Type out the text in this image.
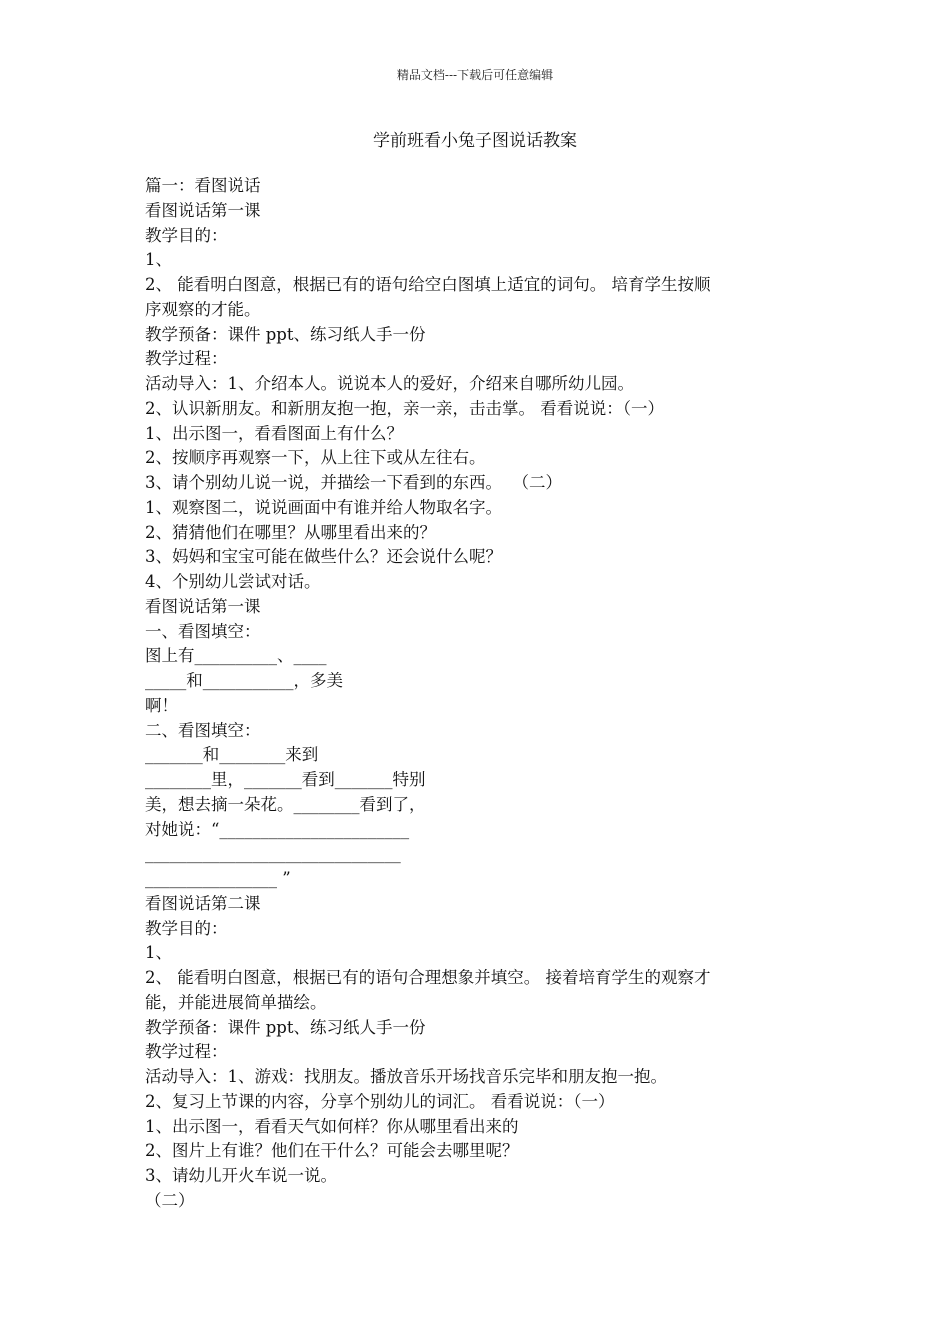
精品文档---下载后可任意编辑
学前班看小兔子图说话教案
篇一：看图说话
看图说话第一课
教学目的：
1、
2、 能看明白图意，根据已有的语句给空白图填上适宜的词句。 培育学生按顺
序观察的才能。
教学预备：课件 ppt、练习纸人手一份
教学过程：
活动导入：1、介绍本人。说说本人的爱好，介绍来自哪所幼儿园。
2、认识新朋友。和新朋友抱一抱，亲一亲，击击掌。 看看说说：（一）
1、出示图一，看看图面上有什么？
2、按顺序再观察一下，从上往下或从左往右。
3、请个别幼儿说一说，并描绘一下看到的东西。  （二）
1、观察图二，说说画面中有谁并给人物取名字。
2、猜猜他们在哪里？从哪里看出来的？
3、妈妈和宝宝可能在做些什么？还会说什么呢？
4、个别幼儿尝试对话。
看图说话第一课
一、看图填空：
图上有__________、____
_____和___________，多美
啊！
二、看图填空：
_______和________来到
________里，_______看到_______特别
美，想去摘一朵花。________看到了，
对她说：“_______________________
_______________________________
________________ ”
看图说话第二课
教学目的：
1、
2、 能看明白图意，根据已有的语句合理想象并填空。 接着培育学生的观察才
能，并能进展简单描绘。
教学预备：课件 ppt、练习纸人手一份
教学过程：
活动导入：1、游戏：找朋友。播放音乐开场找音乐完毕和朋友抱一抱。
2、复习上节课的内容，分享个别幼儿的词汇。 看看说说：（一）
1、出示图一，看看天气如何样？你从哪里看出来的
2、图片上有谁？他们在干什么？可能会去哪里呢？
3、请幼儿开火车说一说。
（二）
